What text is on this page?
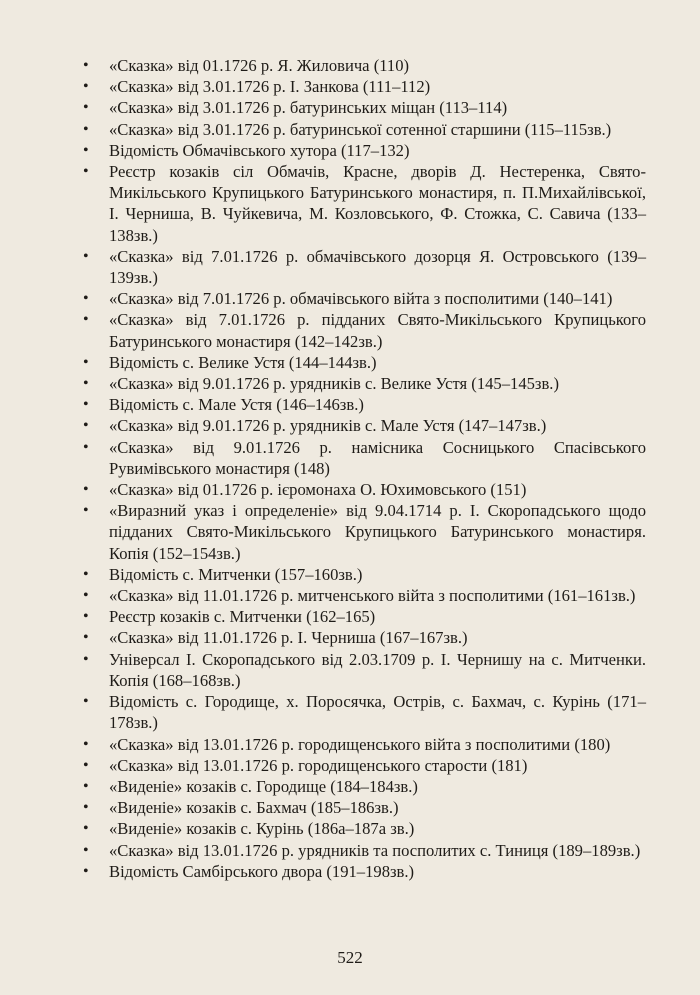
•	«Сказка» від 01.1726 р. Я. Жиловича (110)
•	«Сказка» від 3.01.1726 р. І. Занкова (111–112)
•	«Сказка» від 3.01.1726 р. батуринських міщан (113–114)
•	«Сказка» від 3.01.1726 р. батуринської сотенної старшини (115–115зв.)
•	Відомість Обмачівського хутора (117–132)
•	Реєстр козаків сіл Обмачів, Красне, дворів Д. Нестеренка, Свято-Микільського Крупицького Батуринського монастиря, п. П.Михайлівської, І. Черниша, В. Чуйкевича, М. Козловського, Ф. Стожка, С. Савича (133–138зв.)
•	«Сказка» від 7.01.1726 р. обмачівського дозорця Я. Островського (139–139зв.)
•	«Сказка» від 7.01.1726 р. обмачівського війта з посполитими (140–141)
•	«Сказка» від 7.01.1726 р. підданих Свято-Микільського Крупицького Батуринського монастиря (142–142зв.)
•	Відомість с. Велике Устя (144–144зв.)
•	«Сказка» від 9.01.1726 р. урядників с. Велике Устя (145–145зв.)
•	Відомість с. Мале Устя (146–146зв.)
•	«Сказка» від 9.01.1726 р. урядників с. Мале Устя (147–147зв.)
•	«Сказка» від 9.01.1726 р. намісника Сосницького Спасівського Рувимівського монастиря (148)
•	«Сказка» від 01.1726 р. ієромонаха О. Юхимовського (151)
•	«Виразний указ і определеніе» від 9.04.1714 р. І. Скоропадського щодо підданих Свято-Микільського Крупицького Батуринського монастиря. Копія (152–154зв.)
•	Відомість с. Митченки (157–160зв.)
•	«Сказка» від 11.01.1726 р. митченського війта з посполитими (161–161зв.)
•	Реєстр козаків с. Митченки (162–165)
•	«Сказка» від 11.01.1726 р. І. Черниша (167–167зв.)
•	Універсал І. Скоропадського від 2.03.1709 р. І. Чернишу на с. Митченки. Копія (168–168зв.)
•	Відомість с. Городище, х. Поросячка, Острів, с. Бахмач, с. Курінь (171–178зв.)
•	«Сказка» від 13.01.1726 р. городищенського війта з посполитими (180)
•	«Сказка» від 13.01.1726 р. городищенського старости (181)
•	«Виденіе» козаків с. Городище (184–184зв.)
•	«Виденіе» козаків с. Бахмач (185–186зв.)
•	«Виденіе» козаків с. Курінь (186а–187а зв.)
•	«Сказка» від 13.01.1726 р. урядників та посполитих с. Тиниця (189–189зв.)
•	Відомість Самбірського двора (191–198зв.)
522
